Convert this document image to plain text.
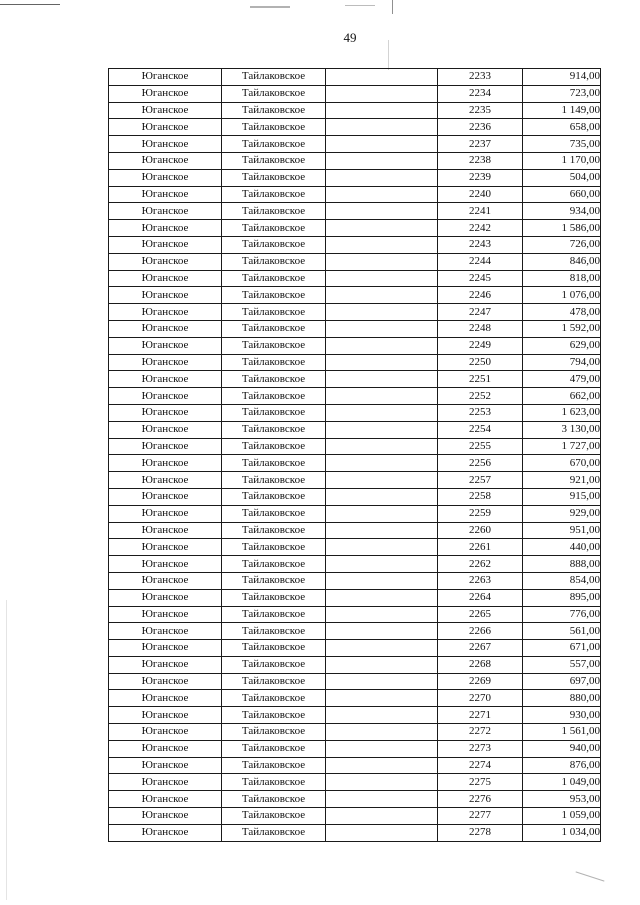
49
Юганское	Тайлаковское		2233	914,00
Юганское	Тайлаковское		2234	723,00
Юганское	Тайлаковское		2235	1 149,00
Юганское	Тайлаковское		2236	658,00
Юганское	Тайлаковское		2237	735,00
Юганское	Тайлаковское		2238	1 170,00
Юганское	Тайлаковское		2239	504,00
Юганское	Тайлаковское		2240	660,00
Юганское	Тайлаковское		2241	934,00
Юганское	Тайлаковское		2242	1 586,00
Юганское	Тайлаковское		2243	726,00
Юганское	Тайлаковское		2244	846,00
Юганское	Тайлаковское		2245	818,00
Юганское	Тайлаковское		2246	1 076,00
Юганское	Тайлаковское		2247	478,00
Юганское	Тайлаковское		2248	1 592,00
Юганское	Тайлаковское		2249	629,00
Юганское	Тайлаковское		2250	794,00
Юганское	Тайлаковское		2251	479,00
Юганское	Тайлаковское		2252	662,00
Юганское	Тайлаковское		2253	1 623,00
Юганское	Тайлаковское		2254	3 130,00
Юганское	Тайлаковское		2255	1 727,00
Юганское	Тайлаковское		2256	670,00
Юганское	Тайлаковское		2257	921,00
Юганское	Тайлаковское		2258	915,00
Юганское	Тайлаковское		2259	929,00
Юганское	Тайлаковское		2260	951,00
Юганское	Тайлаковское		2261	440,00
Юганское	Тайлаковское		2262	888,00
Юганское	Тайлаковское		2263	854,00
Юганское	Тайлаковское		2264	895,00
Юганское	Тайлаковское		2265	776,00
Юганское	Тайлаковское		2266	561,00
Юганское	Тайлаковское		2267	671,00
Юганское	Тайлаковское		2268	557,00
Юганское	Тайлаковское		2269	697,00
Юганское	Тайлаковское		2270	880,00
Юганское	Тайлаковское		2271	930,00
Юганское	Тайлаковское		2272	1 561,00
Юганское	Тайлаковское		2273	940,00
Юганское	Тайлаковское		2274	876,00
Юганское	Тайлаковское		2275	1 049,00
Юганское	Тайлаковское		2276	953,00
Юганское	Тайлаковское		2277	1 059,00
Юганское	Тайлаковское		2278	1 034,00
